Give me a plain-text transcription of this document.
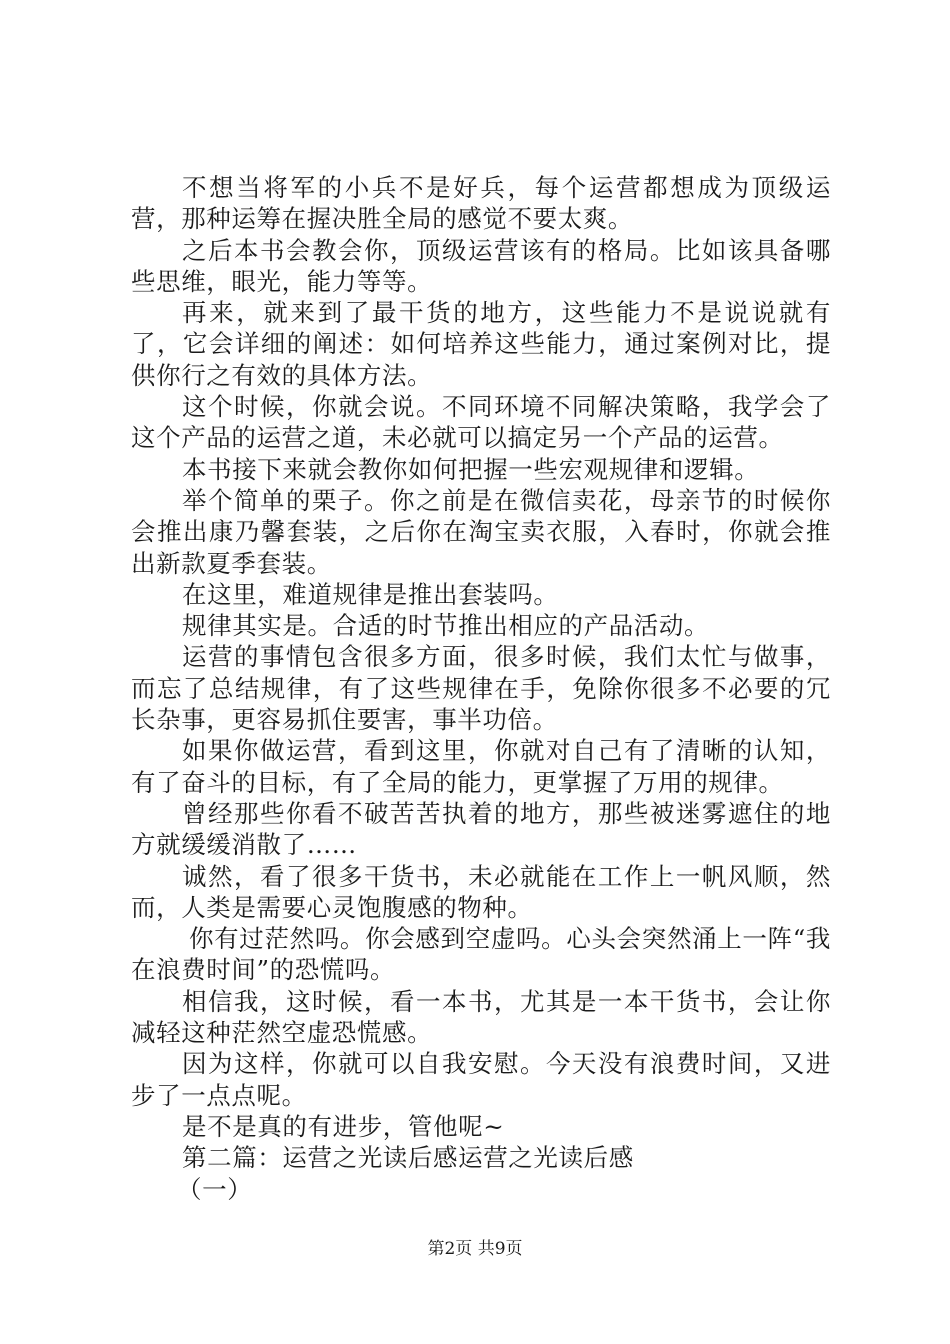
不想当将军的小兵不是好兵，每个运营都想成为顶级运营，那种运筹在握决胜全局的感觉不要太爽。

之后本书会教会你，顶级运营该有的格局。比如该具备哪些思维，眼光，能力等等。

再来，就来到了最干货的地方，这些能力不是说说就有了，它会详细的阐述：如何培养这些能力，通过案例对比，提供你行之有效的具体方法。

这个时候，你就会说。不同环境不同解决策略，我学会了这个产品的运营之道，未必就可以搞定另一个产品的运营。

本书接下来就会教你如何把握一些宏观规律和逻辑。

举个简单的栗子。你之前是在微信卖花，母亲节的时候你会推出康乃馨套装，之后你在淘宝卖衣服，入春时，你就会推出新款夏季套装。

在这里，难道规律是推出套装吗。

规律其实是。合适的时节推出相应的产品活动。

运营的事情包含很多方面，很多时候，我们太忙与做事，而忘了总结规律，有了这些规律在手，免除你很多不必要的冗长杂事，更容易抓住要害，事半功倍。

如果你做运营，看到这里，你就对自己有了清晰的认知，有了奋斗的目标，有了全局的能力，更掌握了万用的规律。

曾经那些你看不破苦苦执着的地方，那些被迷雾遮住的地方就缓缓消散了……

诚然，看了很多干货书，未必就能在工作上一帆风顺，然而，人类是需要心灵饱腹感的物种。

你有过茫然吗。你会感到空虚吗。心头会突然涌上一阵“我在浪费时间”的恐慌吗。

相信我，这时候，看一本书，尤其是一本干货书，会让你减轻这种茫然空虚恐慌感。

因为这样，你就可以自我安慰。今天没有浪费时间，又进步了一点点呢。

是不是真的有进步，管他呢~

第二篇：运营之光读后感运营之光读后感

（一）

第2页 共9页
